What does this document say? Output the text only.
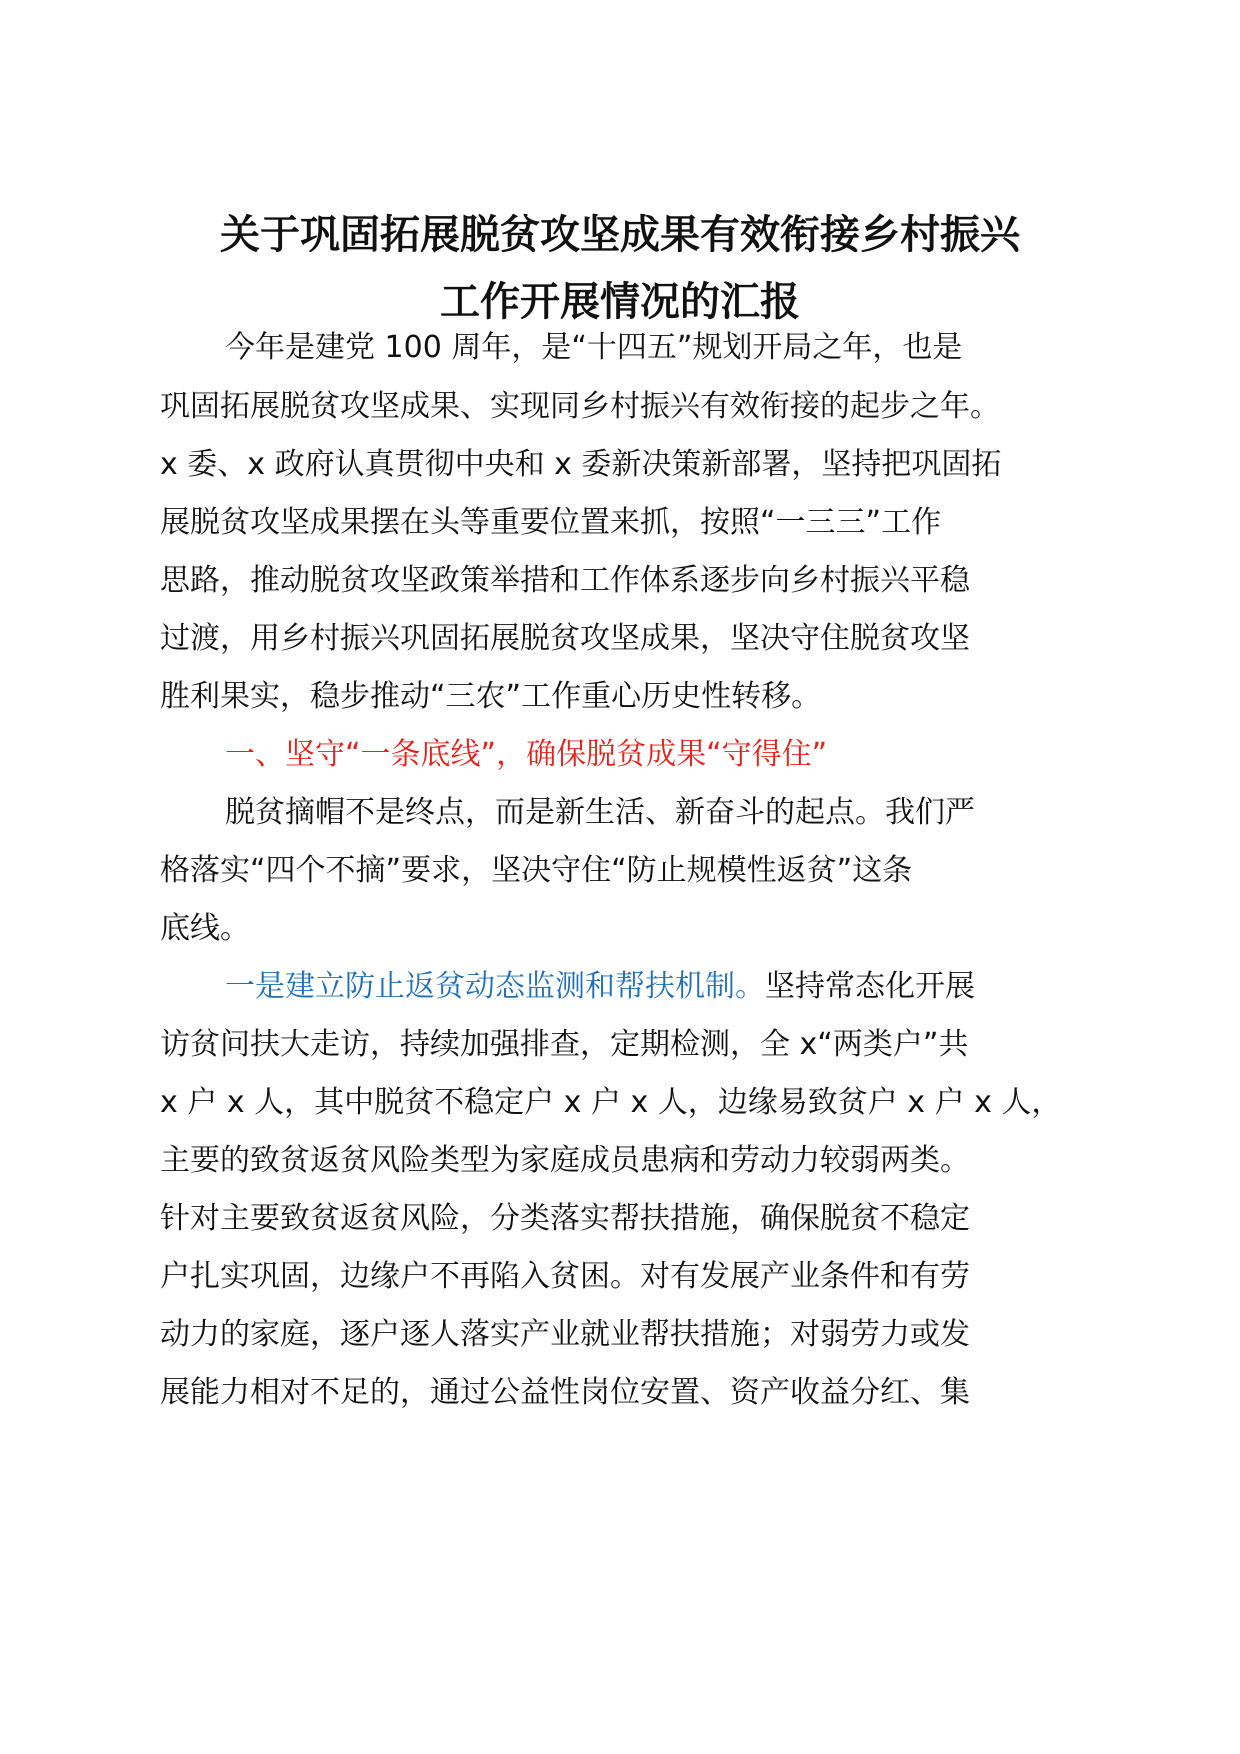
关于巩固拓展脱贫攻坚成果有效衔接乡村振兴
工作开展情况的汇报

今年是建党 100 周年，是“十四五”规划开局之年，也是

巩固拓展脱贫攻坚成果、实现同乡村振兴有效衔接的起步之年。

x 委、x 政府认真贯彻中央和 x 委新决策新部署，坚持把巩固拓

展脱贫攻坚成果摆在头等重要位置来抓，按照“一三三”工作

思路，推动脱贫攻坚政策举措和工作体系逐步向乡村振兴平稳

过渡，用乡村振兴巩固拓展脱贫攻坚成果，坚决守住脱贫攻坚

胜利果实，稳步推动“三农”工作重心历史性转移。

一、坚守“一条底线”，确保脱贫成果“守得住”

脱贫摘帽不是终点，而是新生活、新奋斗的起点。我们严

格落实“四个不摘”要求，坚决守住“防止规模性返贫”这条

底线。

一是建立防止返贫动态监测和帮扶机制。坚持常态化开展

访贫问扶大走访，持续加强排查，定期检测，全 x“两类户”共

x 户 x 人，其中脱贫不稳定户 x 户 x 人，边缘易致贫户 x 户 x 人，

主要的致贫返贫风险类型为家庭成员患病和劳动力较弱两类。

针对主要致贫返贫风险，分类落实帮扶措施，确保脱贫不稳定

户扎实巩固，边缘户不再陷入贫困。对有发展产业条件和有劳

动力的家庭，逐户逐人落实产业就业帮扶措施；对弱劳力或发

展能力相对不足的，通过公益性岗位安置、资产收益分红、集
